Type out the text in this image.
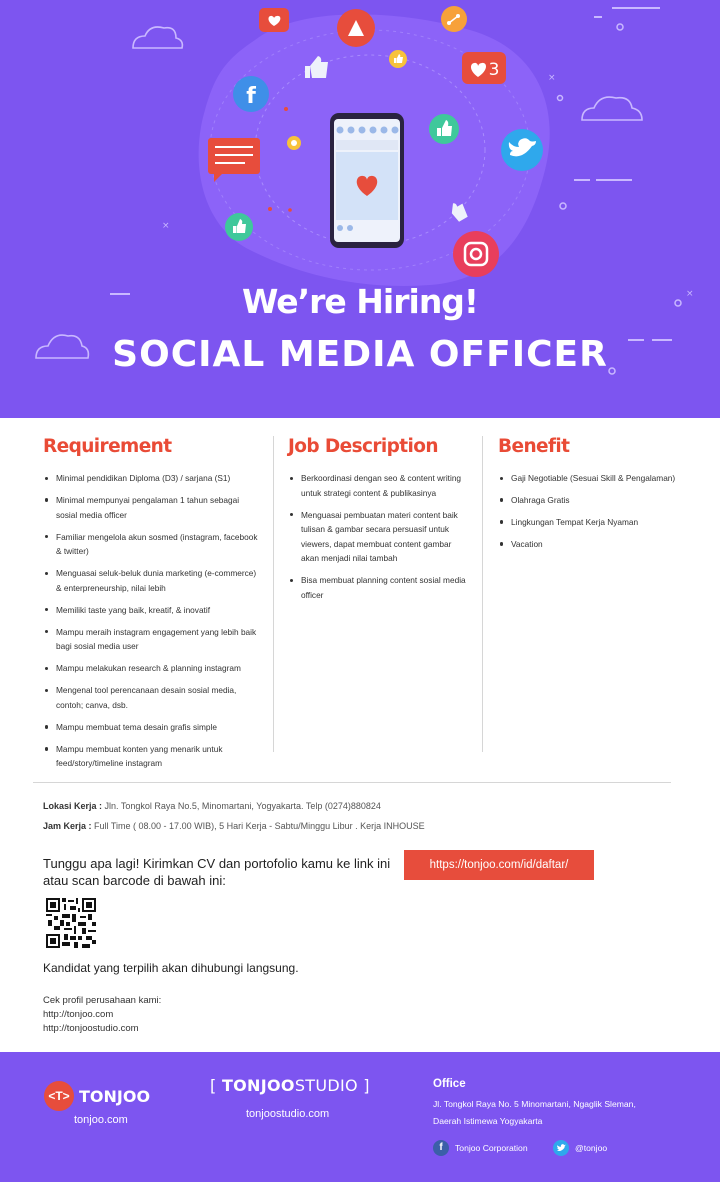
×
×
×
f
3
We’re Hiring!
SOCIAL MEDIA OFFICER
Requirement
Minimal pendidikan Diploma (D3) / sarjana (S1)
Minimal mempunyai pengalaman 1 tahun sebagai sosial media officer
Familiar mengelola akun sosmed (instagram, facebook & twitter)
Menguasai seluk-beluk dunia marketing (e-commerce) & enterpreneurship, nilai lebih
Memiliki taste yang baik, kreatif, & inovatif
Mampu meraih instagram engagement yang lebih baik bagi sosial media user
Mampu melakukan research & planning instagram
Mengenal tool perencanaan desain sosial media, contoh; canva, dsb.
Mampu membuat tema desain grafis simple
Mampu membuat konten yang menarik untuk feed/story/timeline instagram
Job Description
Berkoordinasi dengan seo & content writing untuk strategi content & publikasinya
Menguasai pembuatan materi content baik tulisan & gambar secara persuasif untuk viewers, dapat membuat content gambar akan menjadi nilai tambah
Bisa membuat planning content sosial media officer
Benefit
Gaji Negotiable (Sesuai Skill & Pengalaman)
Olahraga Gratis
Lingkungan Tempat Kerja Nyaman
Vacation
Lokasi Kerja : Jln. Tongkol Raya No.5, Minomartani, Yogyakarta. Telp (0274)880824
Jam Kerja : Full Time ( 08.00 - 17.00 WIB), 5 Hari Kerja - Sabtu/Minggu Libur . Kerja INHOUSE
Tunggu apa lagi! Kirimkan CV dan portofolio kamu ke link ini
atau scan barcode di bawah ini:
https://tonjoo.com/id/daftar/
Kandidat yang terpilih akan dihubungi langsung.
Cek profil perusahaan kami:
http://tonjoo.com
http://tonjoostudio.com
<T> TONJOO
tonjoo.com
[ TONJOOSTUDIO ]
tonjoostudio.com
Office
Jl. Tongkol Raya No. 5 Minomartani, Ngaglik Sleman, Daerah Istimewa Yogyakarta
f	Tonjoo Corporation	@tonjoo
